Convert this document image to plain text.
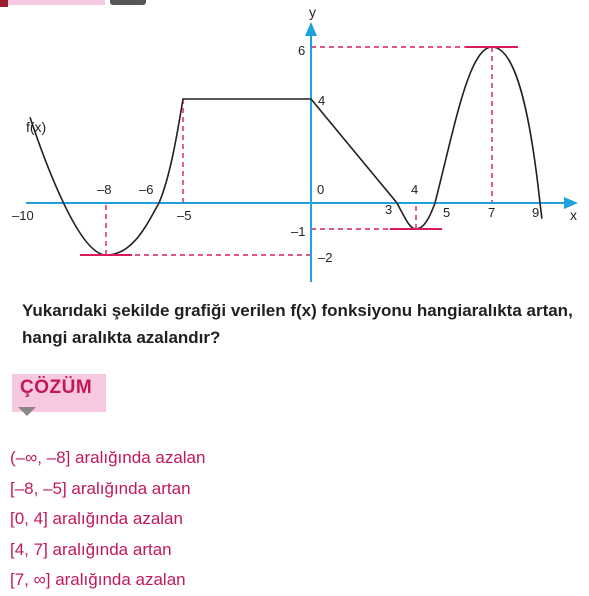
–10
–8 –6
–5
0
3
4
5	7	9
6
4
–1
–2
x
y
f(x)
Yukarıdaki şekilde grafiği verilen f(x) fonksiyonu hangiaralıkta artan, hangi aralıkta azalandır?
ÇÖZÜM
(–∞, –8] aralığında azalan
[–8, –5] aralığında artan
[0, 4] aralığında azalan
[4, 7] aralığında artan
[7, ∞] aralığında azalan
